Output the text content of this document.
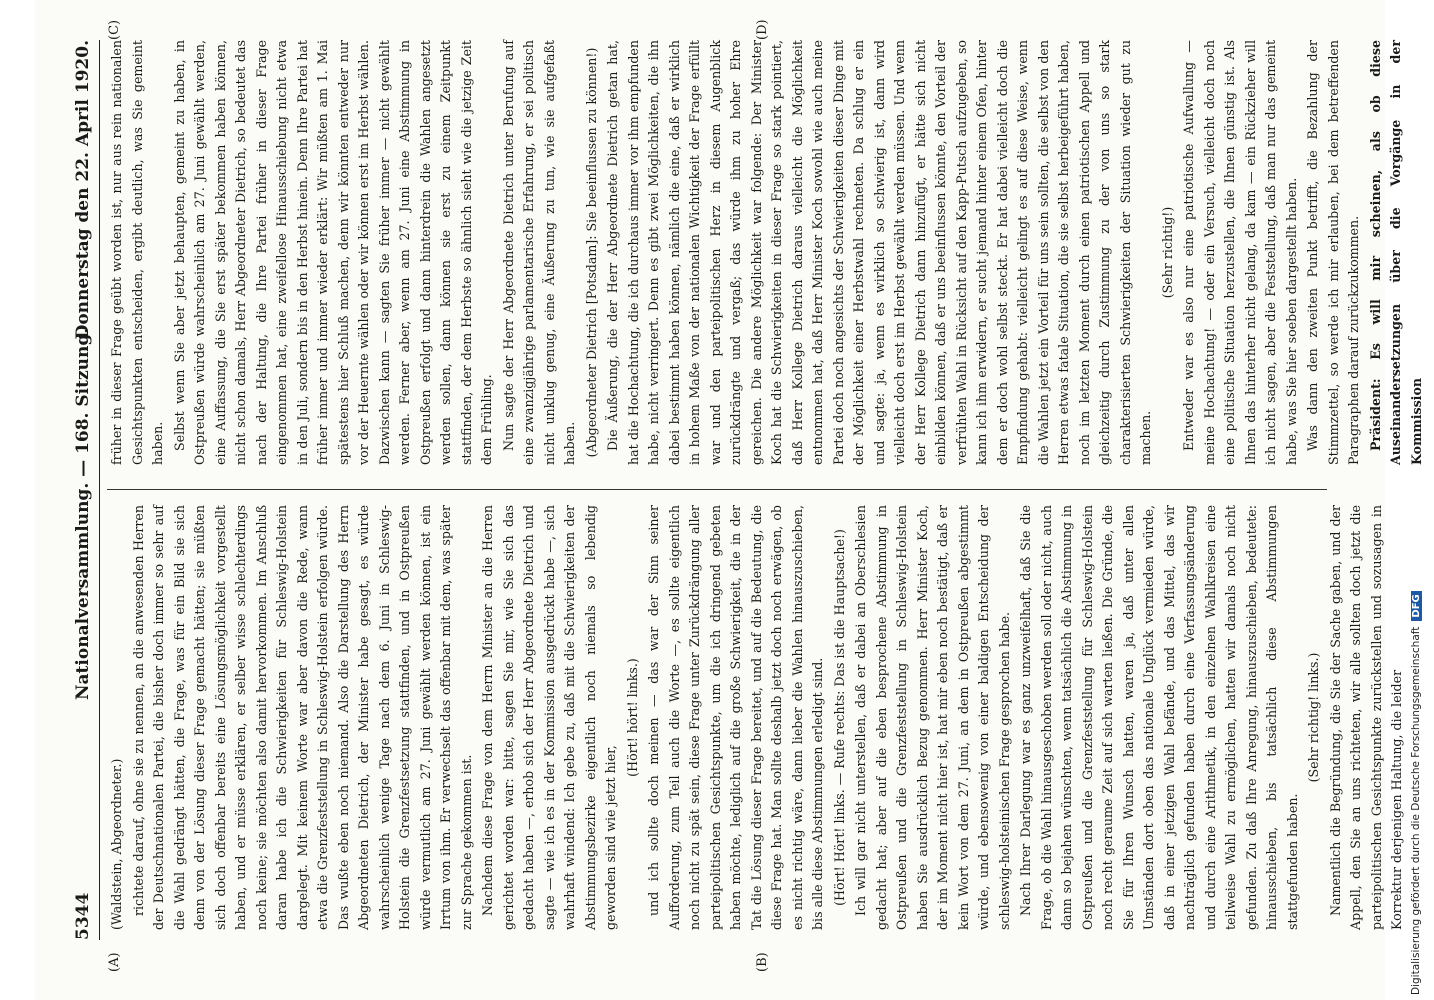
5344
Nationalversammlung. — 168. Sitzung.
Donnerstag den 22. April 1920.
(A)	(B)
(C)	(D)

(Waldstein, Abgeordneter.) richtete darauf, ohne sie zu nennen, an die anwesenden Herren der Deutschnationalen Partei, die bisher doch immer so sehr auf die Wahl gedrängt hätten, die Frage, was für ein Bild sie sich denn von der Lösung dieser Frage gemacht hätten; sie müßten sich doch offenbar bereits eine Lösungsmöglichkeit vorgestellt haben, und er müsse erklären, er selber wisse schlechterdings noch keine; sie möchten also damit hervorkommen. Im Anschluß daran habe ich die Schwierigkeiten für Schleswig-Holstein dargelegt. Mit keinem Worte war aber davon die Rede, wann etwa die Grenzfeststellung in Schleswig-Holstein erfolgen würde. Das wußte eben noch niemand. Also die Darstellung des Herrn Abgeordneten Dietrich, der Minister habe gesagt, es würde wahrscheinlich wenige Tage nach dem 6. Juni in Schleswig-Holstein die Grenzfestsetzung stattfinden, und in Ostpreußen würde vermutlich am 27. Juni gewählt werden können, ist ein Irrtum von ihm. Er verwechselt das offenbar mit dem, was später zur Sprache gekommen ist. Nachdem diese Frage von dem Herrn Minister an die Herren gerichtet worden war: bitte, sagen Sie mir, wie Sie sich das gedacht haben —, erhob sich der Herr Abgeordnete Dietrich und sagte — wie ich es in der Kommission ausgedrückt habe —, sich wahrhaft windend: Ich gebe zu, daß mit die Schwierigkeiten der Abstimmungsbezirke eigentlich noch niemals so lebendig geworden sind wie jetzt hier,

(Hört! hört! links.) und ich sollte doch meinen — das war der Sinn seiner Aufforderung, zum Teil auch die Worte —, es sollte eigentlich noch nicht zu spät sein, diese Frage unter Zurückdrängung aller parteipolitischen Gesichtspunkte, um die ich dringend gebeten haben möchte, lediglich auf die große Schwierigkeit, die in der Tat die Lösung dieser Frage bereitet, und auf die Bedeutung, die diese Frage hat. Man sollte deshalb jetzt doch noch erwägen, ob es nicht richtig wäre, dann lieber die Wahlen hinauszuschieben, bis alle diese Abstimmungen erledigt sind. (Hört! Hört! links. — Rufe rechts: Das ist die Hauptsache!) Ich will gar nicht unterstellen, daß er dabei an Oberschlesien gedacht hat; aber auf die eben besprochene Abstimmung in Ostpreußen und die Grenzfeststellung in Schleswig-Holstein haben Sie ausdrücklich Bezug genommen. Herr Minister Koch, der im Moment nicht hier ist, hat mir eben noch bestätigt, daß er kein Wort von dem 27. Juni, an dem in Ostpreußen abgestimmt würde, und ebensowenig von einer baldigen Entscheidung der schleswig-holsteinischen Frage gesprochen habe. Nach Ihrer Darlegung war es ganz unzweifelhaft, daß Sie die Frage, ob die Wahl hinausgeschoben werden soll oder nicht, auch dann so bejahen wünschten, wenn tatsächlich die Abstimmung in Ostpreußen und die Grenzfeststellung für Schleswig-Holstein noch recht geraume Zeit auf sich warten ließen. Die Gründe, die Sie für Ihren Wunsch hatten, waren ja, daß unter allen Umständen dort oben das nationale Unglück vermieden würde, daß in einer jetzigen Wahl befände, und das Mittel, das wir nachträglich gefunden haben durch eine Verfassungsänderung und durch eine Arithmetik, in den einzelnen Wahlkreisen eine teilweise Wahl zu ermöglichen, hatten wir damals noch nicht gefunden. Zu daß Ihre Anregung, hinauszuschieben, bedeutete: hinausschieben, bis tatsächlich diese Abstimmungen stattgefunden haben.

(Sehr richtig! links.) Namentlich die Begründung, die Sie der Sache gaben, und der Appell, den Sie an uns richteten, wir alle sollten doch jetzt die parteipolitischen Gesichtspunkte zurückstellen und sozusagen in Korrektur derjenigen Haltung, die leider

früher in dieser Frage geübt worden ist, nur aus rein nationalen Gesichtspunkten entscheiden, ergibt deutlich, was Sie gemeint haben. Selbst wenn Sie aber jetzt behaupten, gemeint zu haben, in Ostpreußen würde wahrscheinlich am 27. Juni gewählt werden, eine Auffassung, die Sie erst später bekommen haben können, nicht schon damals, Herr Abgeordneter Dietrich, so bedeutet das nach der Haltung, die Ihre Partei früher in dieser Frage eingenommen hat, eine zweifellose Hinausschiebung nicht etwa in den Juli, sondern bis in den Herbst hinein. Denn Ihre Partei hat früher immer und immer wieder erklärt: Wir müßten am 1. Mai spätestens hier Schluß machen, denn wir könnten entweder nur vor der Heuernte wählen oder wir können erst im Herbst wählen. Dazwischen kann — sagten Sie früher immer — nicht gewählt werden. Ferner aber, wenn am 27. Juni eine Abstimmung in Ostpreußen erfolgt und dann hinterdrein die Wahlen angesetzt werden sollen, dann können sie erst zu einem Zeitpunkt stattfinden, der dem Herbste so ähnlich sieht wie die jetzige Zeit dem Frühling. Nun sagte der Herr Abgeordnete Dietrich unter Berufung auf eine zwanzigjährige parlamentarische Erfahrung, er sei politisch nicht unklug genug, eine Äußerung zu tun, wie sie aufgefaßt haben. (Abgeordneter Dietrich [Potsdam]: Sie beeinflussen zu können!) Die Äußerung, die der Herr Abgeordnete Dietrich getan hat, hat die Hochachtung, die ich durchaus immer vor ihm empfunden habe, nicht verringert. Denn es gibt zwei Möglichkeiten, die ihn dabei bestimmt haben können, nämlich die eine, daß er wirklich in hohem Maße von der nationalen Wichtigkeit der Frage erfüllt war und den parteipolitischen Herz in diesem Augenblick zurückdrängte und vergaß; das würde ihm zu hoher Ehre gereichen. Die andere Möglichkeit war folgende: Der Minister Koch hat die Schwierigkeiten in dieser Frage so stark pointiert, daß Herr Kollege Dietrich daraus vielleicht die Möglichkeit entnommen hat, daß Herr Minister Koch sowohl wie auch meine Partei doch noch angesichts der Schwierigkeiten dieser Dinge mit der Möglichkeit einer Herbstwahl rechneten. Da schlug er ein und sagte: ja, wenn es wirklich so schwierig ist, dann wird vielleicht doch erst im Herbst gewählt werden müssen. Und wenn der Herr Kollege Dietrich dann hinzufügt, er hätte sich nicht einbilden können, daß er uns beeinflussen könnte, den Vorteil der verfrühten Wahl in Rücksicht auf den Kapp-Putsch aufzugeben, so kann ich ihm erwidern, er sucht jemand hinter einem Ofen, hinter dem er doch wohl selbst steckt. Er hat dabei vielleicht doch die Empfindung gehabt: vielleicht gelingt es auf diese Weise, wenn die Wahlen jetzt ein Vorteil für uns sein sollten, die selbst von den Herren etwas fatale Situation, die sie selbst herbeigeführt haben, noch im letzten Moment durch einen patriotischen Appell und gleichzeitig durch Zustimmung zu der von uns so stark charakterisierten Schwierigkeiten der Situation wieder gut zu machen.

(Sehr richtig!) Entweder war es also nur eine patriotische Aufwallung — meine Hochachtung! — oder ein Versuch, vielleicht doch noch eine politische Situation herzustellen, die Ihnen günstig ist. Als Ihnen das hinterher nicht gelang, da kam — ein Rückzieher will ich nicht sagen, aber die Feststellung, daß man nur das gemeint habe, was Sie hier soeben dargestellt haben. Was dann den zweiten Punkt betrifft, die Bezahlung der Stimmzettel, so werde ich mir erlauben, bei dem betreffenden Paragraphen darauf zurückzukommen. Präsident: Es will mir scheinen, als ob diese Auseinandersetzungen über die Vorgänge in der Kommission

Digitalisierung gefördert durch die Deutsche ForschungsgemeinschaftDFG
